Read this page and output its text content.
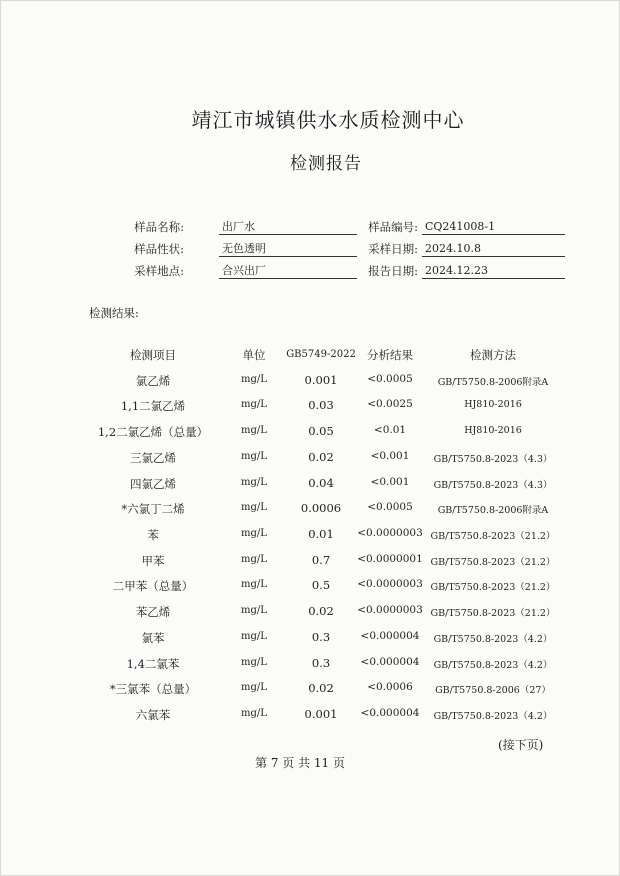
靖江市城镇供水水质检测中心
检测报告
样品名称:	出厂水	样品编号: CQ241008-1
样品性状:	无色透明	采样日期: 2024.10.8
采样地点:	合兴出厂	报告日期: 2024.12.23
检测结果:
检测项目	单位	GB5749-2022 分析结果	检测方法
氯乙烯	mg/L	0.001	<0.0005	GB/T5750.8-2006附录A
1,1二氯乙烯	mg/L	0.03	<0.0025	HJ810-2016
1,2二氯乙烯（总量）	mg/L	0.05	<0.01	HJ810-2016
三氯乙烯	mg/L	0.02	<0.001	GB/T5750.8-2023（4.3）
四氯乙烯	mg/L	0.04	<0.001	GB/T5750.8-2023（4.3）
*六氯丁二烯	mg/L	0.0006	<0.0005	GB/T5750.8-2006附录A
苯	mg/L	0.01	<0.0000003 GB/T5750.8-2023（21.2）
甲苯	mg/L	0.7	<0.0000001 GB/T5750.8-2023（21.2）
二甲苯（总量）	mg/L	0.5	<0.0000003 GB/T5750.8-2023（21.2）
苯乙烯	mg/L	0.02	<0.0000003 GB/T5750.8-2023（21.2）
氯苯	mg/L	0.3	<0.000004	GB/T5750.8-2023（4.2）
1,4二氯苯	mg/L	0.3	<0.000004	GB/T5750.8-2023（4.2）
*三氯苯（总量）	mg/L	0.02	<0.0006	GB/T5750.8-2006（27）
六氯苯	mg/L	0.001	<0.000004	GB/T5750.8-2023（4.2）
(接下页)
第 7 页 共 11 页
